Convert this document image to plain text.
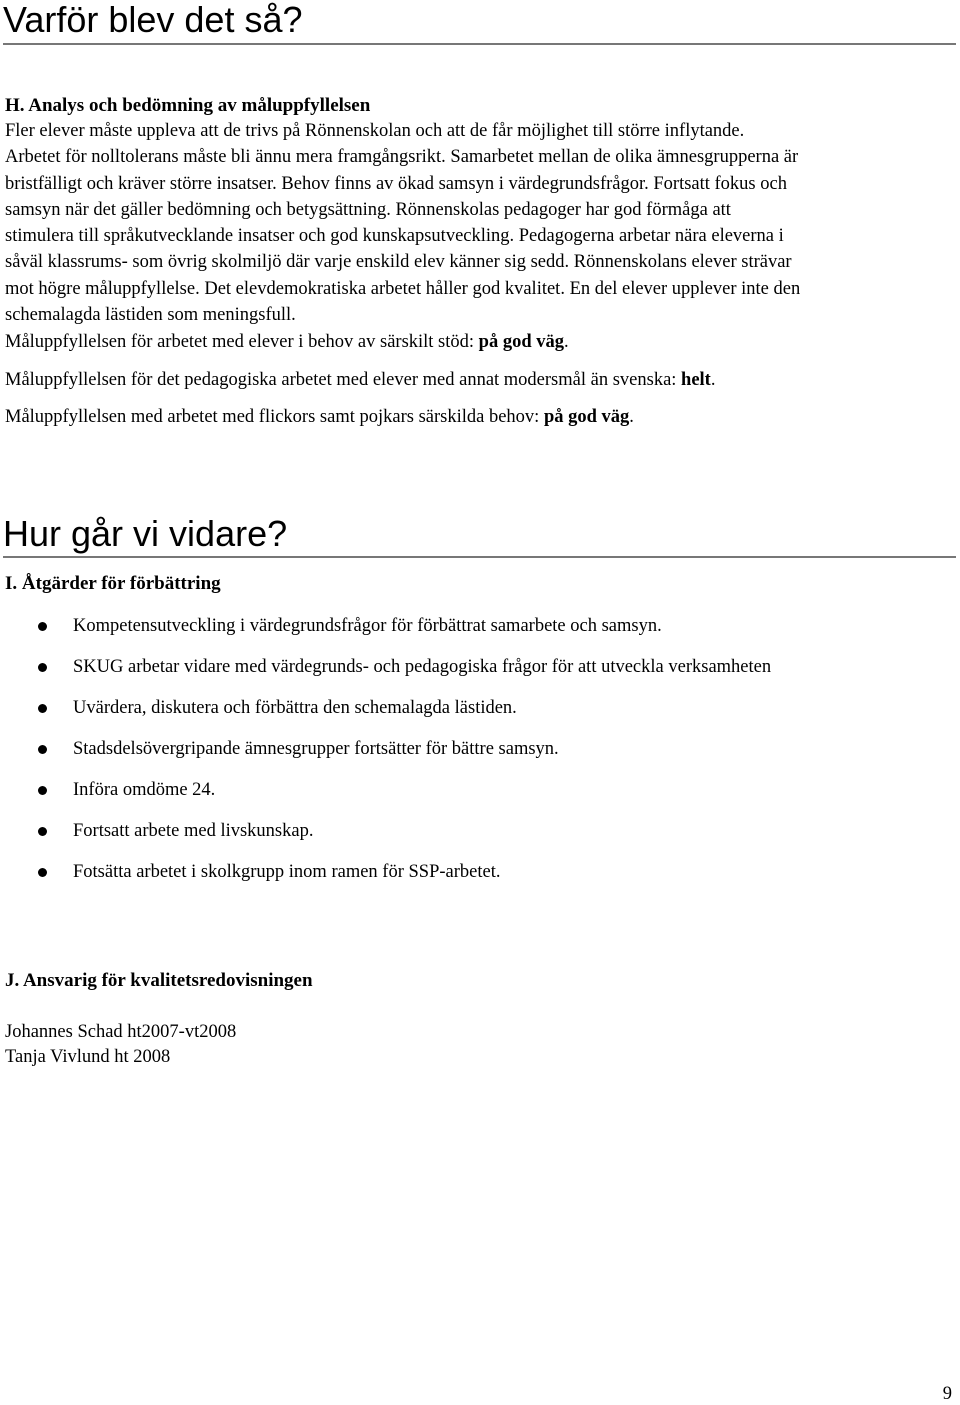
Varför blev det så?
H. Analys och bedömning av måluppfyllelsen
Fler elever måste uppleva att de trivs på Rönnenskolan och att de får möjlighet till större inflytande.
Arbetet för nolltolerans måste bli ännu mera framgångsrikt. Samarbetet mellan de olika ämnesgrupperna är
bristfälligt och kräver större insatser. Behov finns av ökad samsyn i värdegrundsfrågor. Fortsatt fokus och
samsyn när det gäller bedömning och betygsättning. Rönnenskolas pedagoger har god förmåga att
stimulera till språkutvecklande insatser och god kunskapsutveckling. Pedagogerna arbetar nära eleverna i
såväl klassrums- som övrig skolmiljö där varje enskild elev känner sig sedd. Rönnenskolans elever strävar
mot högre måluppfyllelse. Det elevdemokratiska arbetet håller god kvalitet. En del elever upplever inte den
schemalagda lästiden som meningsfull.

Måluppfyllelsen för arbetet med elever i behov av särskilt stöd: på god väg.

Måluppfyllelsen för det pedagogiska arbetet med elever med annat modersmål än svenska: helt.

Måluppfyllelsen med arbetet med flickors samt pojkars särskilda behov: på god väg.

Hur går vi vidare?
I. Åtgärder för förbättring
Kompetensutveckling i värdegrundsfrågor för förbättrat samarbete och samsyn.
SKUG arbetar vidare med värdegrunds- och pedagogiska frågor för att utveckla verksamheten
Uvärdera, diskutera och förbättra den schemalagda lästiden.
Stadsdelsövergripande ämnesgrupper fortsätter för bättre samsyn.
Införa omdöme 24.
Fortsatt arbete med livskunskap.
Fotsätta arbetet i skolkgrupp inom ramen för SSP-arbetet.
J. Ansvarig för kvalitetsredovisningen

Johannes Schad ht2007-vt2008

Tanja Vivlund ht 2008

9
